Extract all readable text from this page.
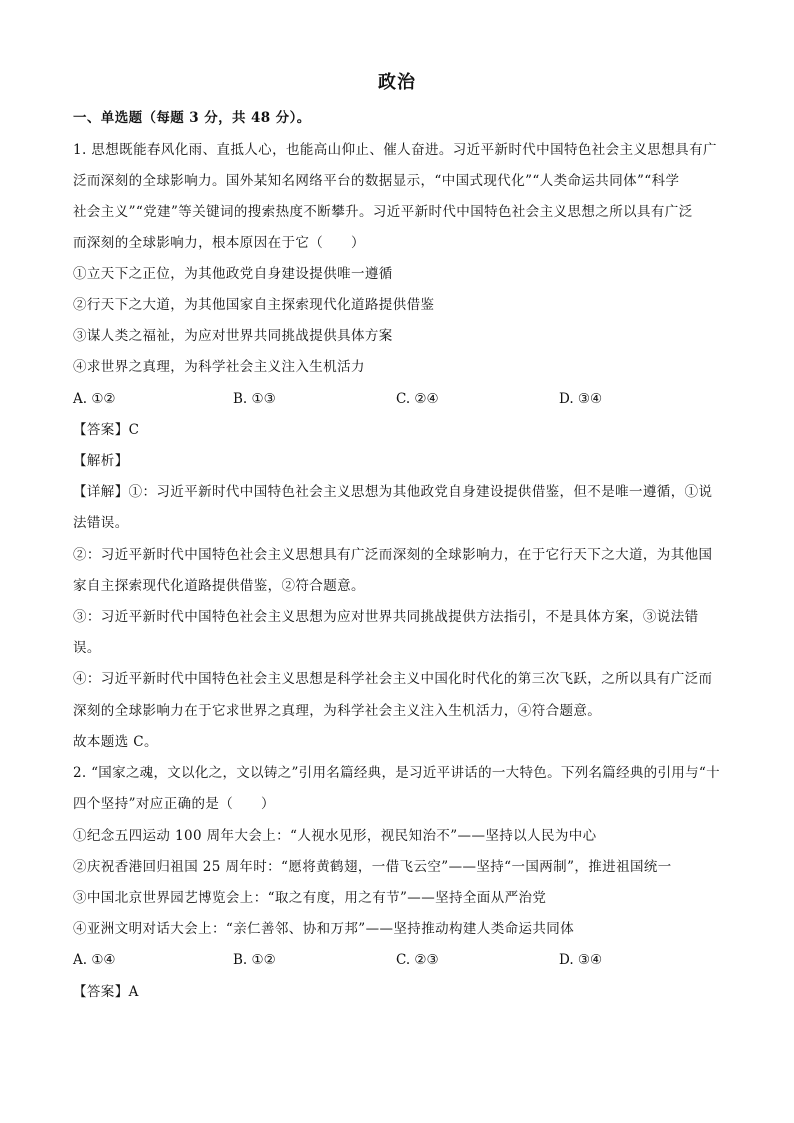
政治
一、单选题（每题 3 分，共 48 分）。
1. 思想既能春风化雨、直抵人心，也能高山仰止、催人奋进。习近平新时代中国特色社会主义思想具有广
泛而深刻的全球影响力。国外某知名网络平台的数据显示，“中国式现代化”“人类命运共同体”“科学
社会主义”“党建”等关键词的搜索热度不断攀升。习近平新时代中国特色社会主义思想之所以具有广泛
而深刻的全球影响力，根本原因在于它（　　）
①立天下之正位，为其他政党自身建设提供唯一遵循
②行天下之大道，为其他国家自主探索现代化道路提供借鉴
③谋人类之福祉，为应对世界共同挑战提供具体方案
④求世界之真理，为科学社会主义注入生机活力
A. ①②	B. ①③	C. ②④	D. ③④
【答案】C
【解析】
【详解】①：习近平新时代中国特色社会主义思想为其他政党自身建设提供借鉴，但不是唯一遵循，①说
法错误。
②：习近平新时代中国特色社会主义思想具有广泛而深刻的全球影响力，在于它行天下之大道，为其他国
家自主探索现代化道路提供借鉴，②符合题意。
③：习近平新时代中国特色社会主义思想为应对世界共同挑战提供方法指引，不是具体方案，③说法错
误。
④：习近平新时代中国特色社会主义思想是科学社会主义中国化时代化的第三次飞跃，之所以具有广泛而
深刻的全球影响力在于它求世界之真理，为科学社会主义注入生机活力，④符合题意。
故本题选 C。
2. “国家之魂，文以化之，文以铸之”引用名篇经典，是习近平讲话的一大特色。下列名篇经典的引用与“十
四个坚持”对应正确的是（　　）
①纪念五四运动 100 周年大会上：“人视水见形，视民知治不”——坚持以人民为中心
②庆祝香港回归祖国 25 周年时：“愿将黄鹤翅，一借飞云空”——坚持“一国两制”，推进祖国统一
③中国北京世界园艺博览会上：“取之有度，用之有节”——坚持全面从严治党
④亚洲文明对话大会上：“亲仁善邻、协和万邦”——坚持推动构建人类命运共同体
A. ①④	B. ①②	C. ②③	D. ③④
【答案】A
